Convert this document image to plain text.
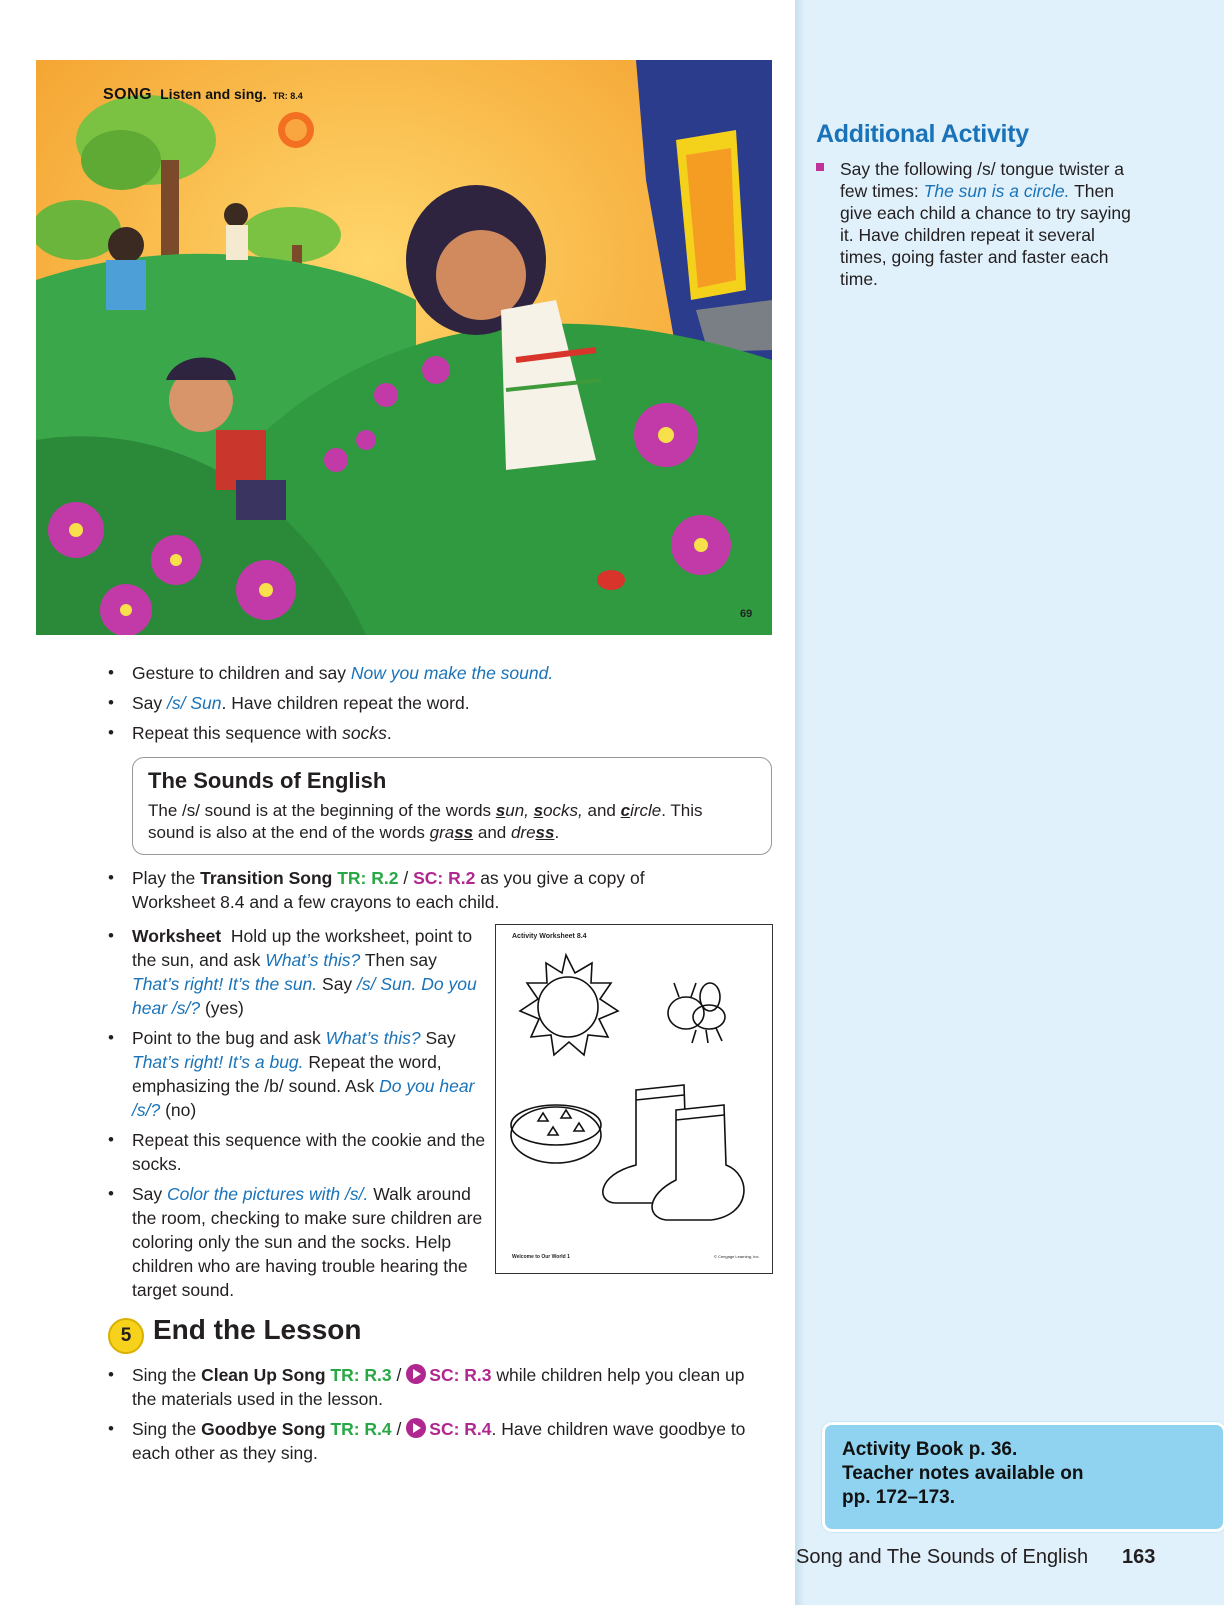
SONG Listen and sing. TR: 8.4
69
• Gesture to children and say Now you make the sound.
• Say /s/ Sun. Have children repeat the word.
• Repeat this sequence with socks.
The Sounds of English
The /s/ sound is at the beginning of the words sun, socks, and circle. This
sound is also at the end of the words grass and dress.
• Play the Transition Song TR: R.2 / SC: R.2 as you give a copy of Worksheet 8.4 and a few crayons to each child.
• Worksheet Hold up the worksheet, point to the sun, and ask What’s this? Then say That’s right! It’s the sun. Say /s/ Sun. Do you hear /s/? (yes)
• Point to the bug and ask What’s this? Say That’s right! It’s a bug. Repeat the word, emphasizing the /b/ sound. Ask Do you hear /s/? (no)
• Repeat this sequence with the cookie and the socks.
• Say Color the pictures with /s/. Walk around the room, checking to make sure children are coloring only the sun and the socks. Help children who are having trouble hearing the target sound.
Activity Worksheet 8.4
Welcome to Our World 1	© Cengage Learning, Inc.
5 End the Lesson
• Sing the Clean Up Song TR: R.3 / SC: R.3 while children help you clean up the materials used in the lesson.
• Sing the Goodbye Song TR: R.4 / SC: R.4. Have children wave goodbye to each other as they sing.
Additional Activity
Say the following /s/ tongue twister a few times: The sun is a circle. Then give each child a chance to try saying it. Have children repeat it several times, going faster and faster each time.
Activity Book p. 36.
Teacher notes available on
pp. 172–173.
Song and The Sounds of English 163
